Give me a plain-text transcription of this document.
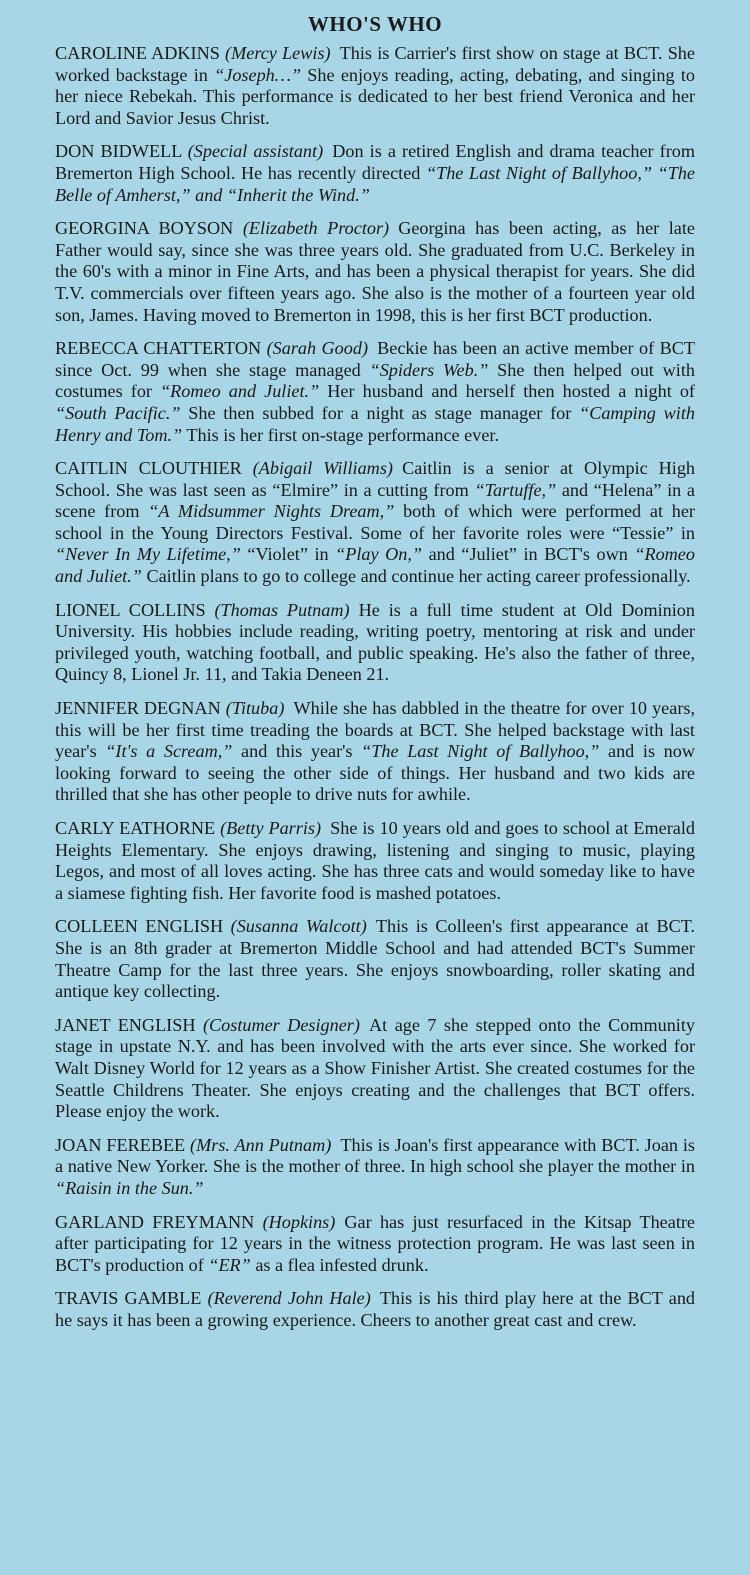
WHO'S WHO

CAROLINE ADKINS (Mercy Lewis)  This is Carrier's first show on stage at BCT. She worked backstage in “Joseph…” She enjoys reading, acting, debating, and singing to her niece Rebekah. This performance is dedicated to her best friend Veronica and her Lord and Savior Jesus Christ.

DON BIDWELL (Special assistant)  Don is a retired English and drama teacher from Bremerton High School. He has recently directed “The Last Night of Ballyhoo,” “The Belle of Amherst,” and “Inherit the Wind.”

GEORGINA BOYSON (Elizabeth Proctor)  Georgina has been acting, as her late Father would say, since she was three years old. She graduated from U.C. Berkeley in the 60's with a minor in Fine Arts, and has been a physical therapist for years. She did T.V. commercials over fifteen years ago. She also is the mother of a fourteen year old son, James. Having moved to Bremerton in 1998, this is her first BCT production.

REBECCA CHATTERTON (Sarah Good)  Beckie has been an active member of BCT since Oct. 99 when she stage managed “Spiders Web.” She then helped out with costumes for “Romeo and Juliet.” Her husband and herself then hosted a night of “South Pacific.” She then subbed for a night as stage manager for “Camping with Henry and Tom.” This is her first on-stage performance ever.

CAITLIN CLOUTHIER (Abigail Williams)  Caitlin is a senior at Olympic High School. She was last seen as “Elmire” in a cutting from “Tartuffe,” and “Helena” in a scene from “A Midsummer Nights Dream,” both of which were performed at her school in the Young Directors Festival. Some of her favorite roles were “Tessie” in “Never In My Lifetime,” “Violet” in “Play On,” and “Juliet” in BCT's own “Romeo and Juliet.” Caitlin plans to go to college and continue her acting career professionally.

LIONEL COLLINS (Thomas Putnam)  He is a full time student at Old Dominion University. His hobbies include reading, writing poetry, mentoring at risk and under privileged youth, watching football, and public speaking. He's also the father of three, Quincy 8, Lionel Jr. 11, and Takia Deneen 21.

JENNIFER DEGNAN (Tituba)  While she has dabbled in the theatre for over 10 years, this will be her first time treading the boards at BCT. She helped backstage with last year's “It's a Scream,” and this year's “The Last Night of Ballyhoo,” and is now looking forward to seeing the other side of things. Her husband and two kids are thrilled that she has other people to drive nuts for awhile.

CARLY EATHORNE (Betty Parris)  She is 10 years old and goes to school at Emerald Heights Elementary. She enjoys drawing, listening and singing to music, playing Legos, and most of all loves acting. She has three cats and would someday like to have a siamese fighting fish. Her favorite food is mashed potatoes.

COLLEEN ENGLISH (Susanna Walcott)  This is Colleen's first appearance at BCT. She is an 8th grader at Bremerton Middle School and had attended BCT's Summer Theatre Camp for the last three years. She enjoys snowboarding, roller skating and antique key collecting.

JANET ENGLISH (Costumer Designer)  At age 7 she stepped onto the Community stage in upstate N.Y. and has been involved with the arts ever since. She worked for Walt Disney World for 12 years as a Show Finisher Artist. She created costumes for the Seattle Childrens Theater. She enjoys creating and the challenges that BCT offers. Please enjoy the work.

JOAN FEREBEE (Mrs. Ann Putnam)  This is Joan's first appearance with BCT. Joan is a native New Yorker. She is the mother of three. In high school she player the mother in “Raisin in the Sun.”

GARLAND FREYMANN (Hopkins)  Gar has just resurfaced in the Kitsap Theatre after participating for 12 years in the witness protection program. He was last seen in BCT's production of “ER” as a flea infested drunk.

TRAVIS GAMBLE (Reverend John Hale)  This is his third play here at the BCT and he says it has been a growing experience. Cheers to another great cast and crew.
